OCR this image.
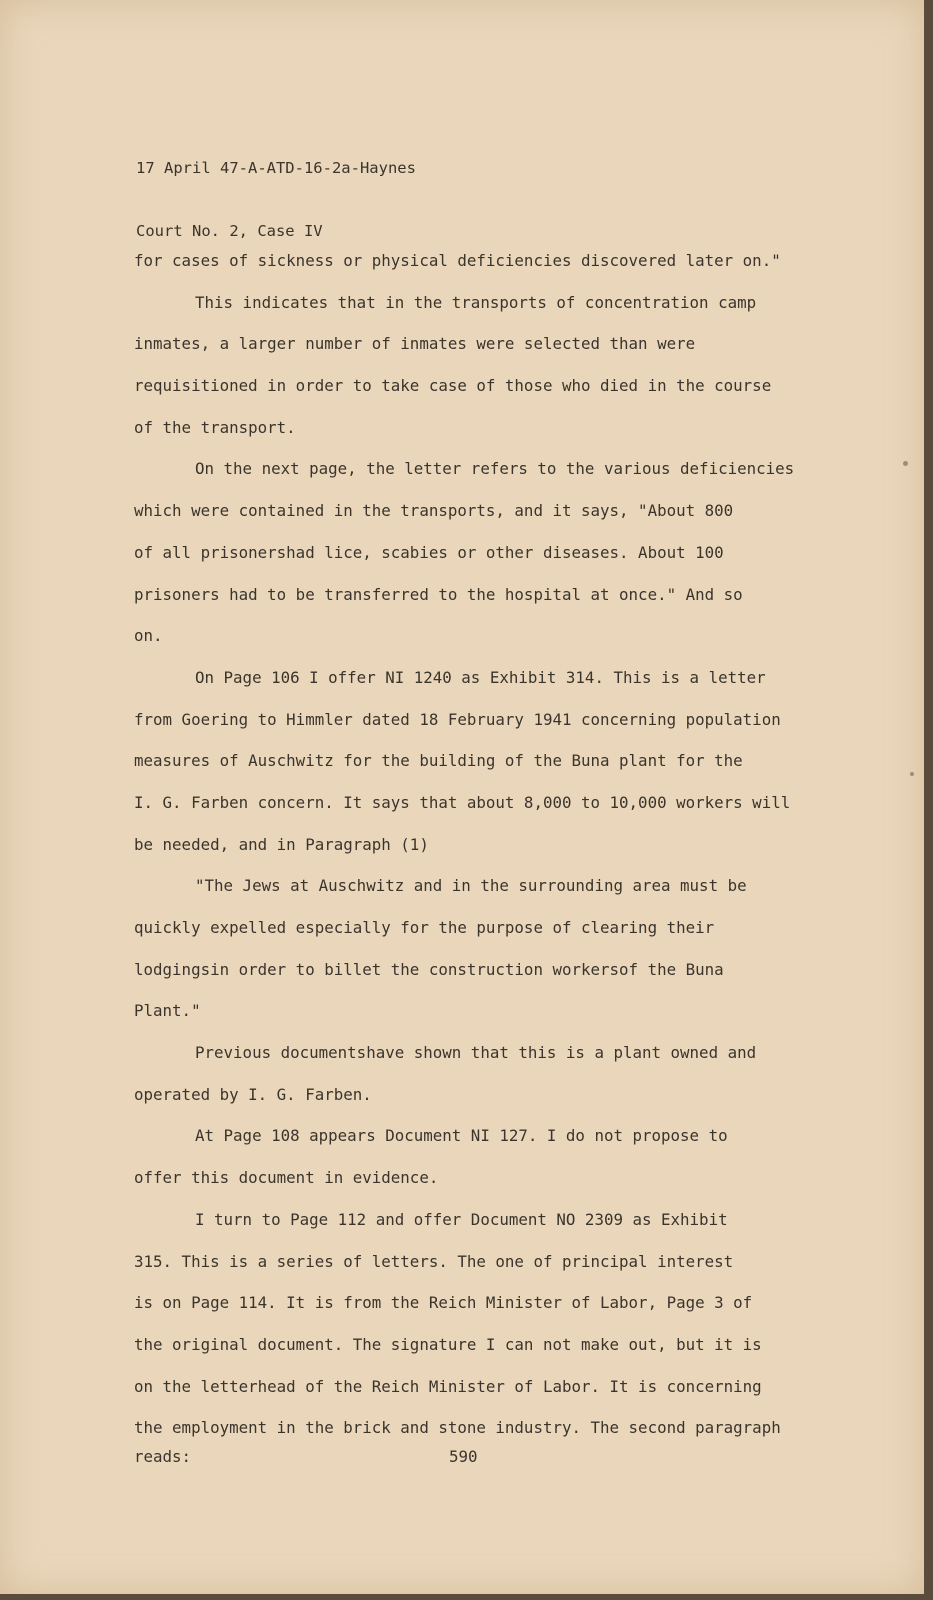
17 April 47-A-ATD-16-2a-Haynes

Court No. 2, Case IV

for cases of sickness or physical deficiencies discovered later on."
This indicates that in the transports of concentration camp
inmates, a larger number of inmates were selected than were
requisitioned in order to take case of those who died in the course
of the transport.
On the next page, the letter refers to the various deficiencies
which were contained in the transports, and it says, "About 800
of all prisonershad lice, scabies or other diseases. About 100
prisoners had to be transferred to the hospital at once." And so
on.
On Page 106 I offer NI 1240 as Exhibit 314. This is a letter
from Goering to Himmler dated 18 February 1941 concerning population
measures of Auschwitz for the building of the Buna plant for the
I. G. Farben concern. It says that about 8,000 to 10,000 workers will
be needed, and in Paragraph (1)
"The Jews at Auschwitz and in the surrounding area must be
quickly expelled especially for the purpose of clearing their
lodgingsin order to billet the construction workersof the Buna
Plant."
Previous documentshave shown that this is a plant owned and
operated by I. G. Farben.
At Page 108 appears Document NI 127. I do not propose to
offer this document in evidence.
I turn to Page 112 and offer Document NO 2309 as Exhibit
315. This is a series of letters. The one of principal interest
is on Page 114. It is from the Reich Minister of Labor, Page 3 of
the original document. The signature I can not make out, but it is
on the letterhead of the Reich Minister of Labor. It is concerning
the employment in the brick and stone industry. The second paragraph
reads:	590
